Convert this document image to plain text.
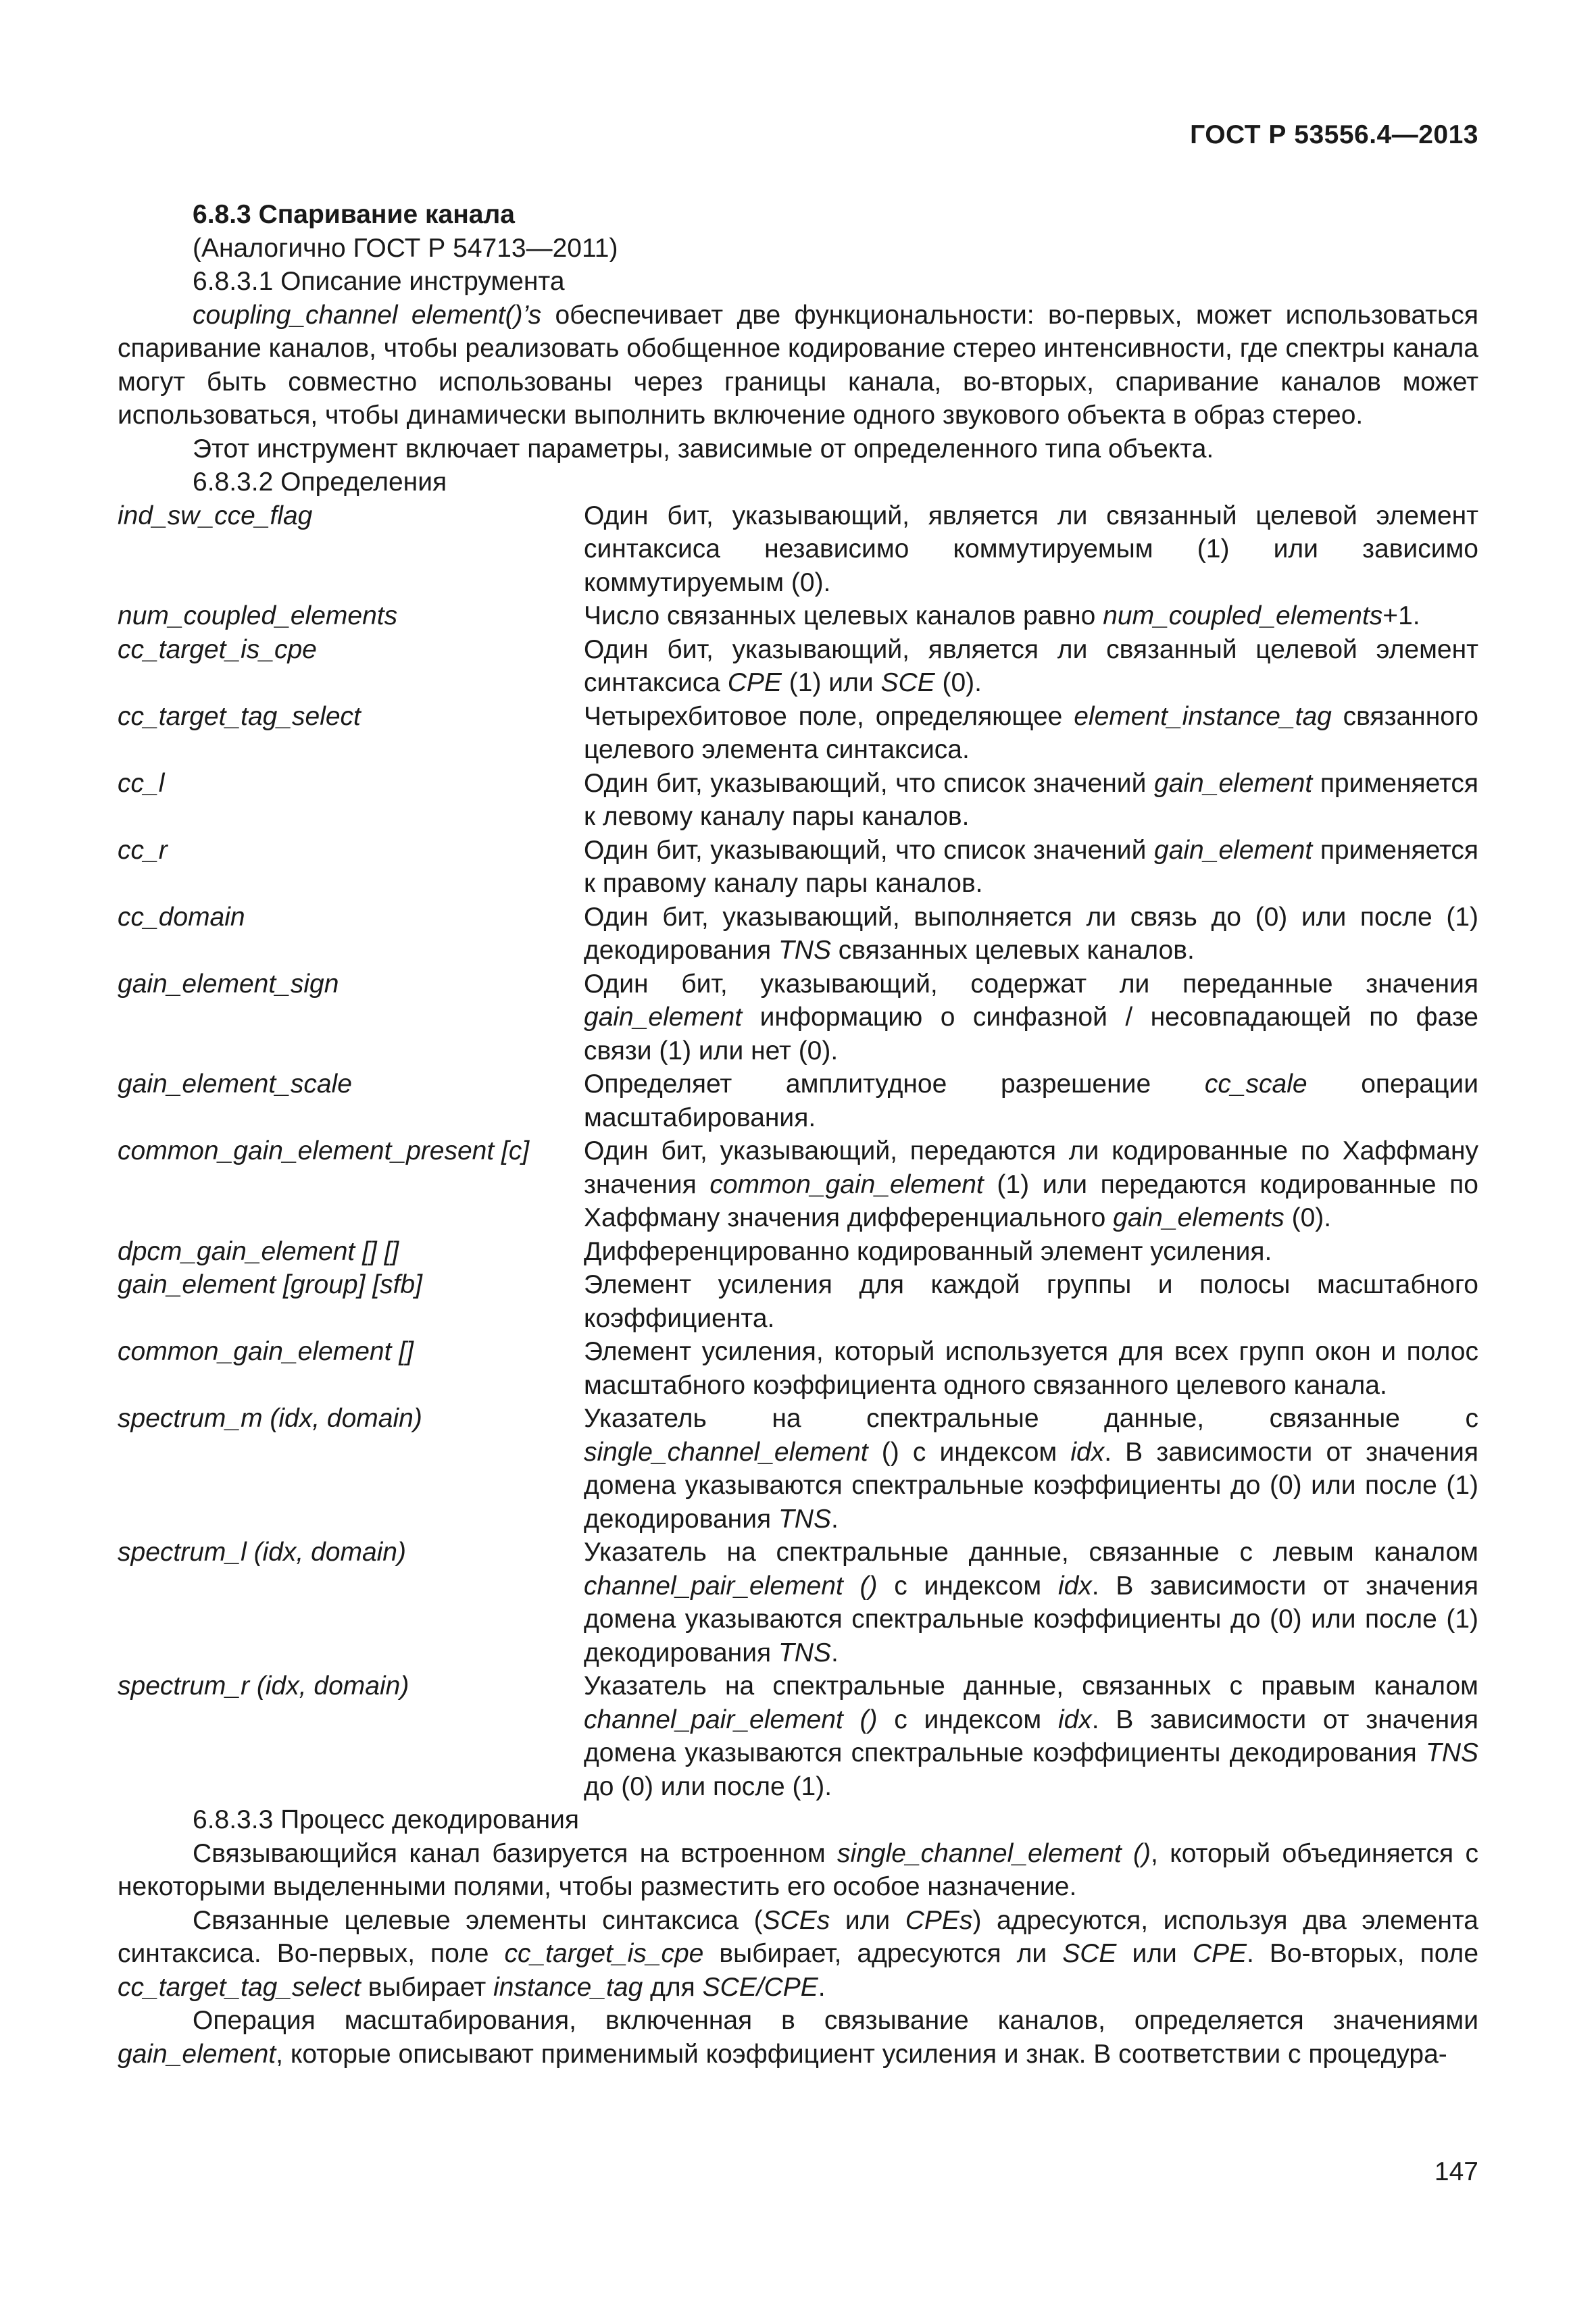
ГОСТ Р 53556.4—2013

6.8.3 Спаривание канала

(Аналогично ГОСТ Р 54713—2011)

6.8.3.1 Описание инструмента

coupling_channel element()’s обеспечивает две функциональности: во-первых, может использоваться спаривание каналов, чтобы реализовать обобщенное кодирование стерео интенсивности, где спектры канала могут быть совместно использованы через границы канала, во-вторых, спаривание каналов может использоваться, чтобы динамически выполнить включение одного звукового объекта в образ стерео.

Этот инструмент включает параметры, зависимые от определенного типа объекта.

6.8.3.2 Определения

ind_sw_cce_flag	Один бит, указывающий, является ли связанный целевой элемент синтаксиса независимо коммутируемым (1) или зависимо коммутируемым (0).
num_coupled_elements	Число связанных целевых каналов равно num_coupled_elements+1.
cc_target_is_cpe	Один бит, указывающий, является ли связанный целевой элемент синтаксиса CPE (1) или SCE (0).
cc_target_tag_select	Четырехбитовое поле, определяющее element_instance_tag связанного целевого элемента синтаксиса.
cc_l	Один бит, указывающий, что список значений gain_element применяется к левому каналу пары каналов.
cc_r	Один бит, указывающий, что список значений gain_element применяется к правому каналу пары каналов.
cc_domain	Один бит, указывающий, выполняется ли связь до (0) или после (1) декодирования TNS связанных целевых каналов.
gain_element_sign	Один бит, указывающий, содержат ли переданные значения gain_element информацию о синфазной / несовпадающей по фазе связи (1) или нет (0).
gain_element_scale	Определяет амплитудное разрешение cc_scale операции масштабирования.
common_gain_element_present [c]	Один бит, указывающий, передаются ли кодированные по Хаффману значения common_gain_element (1) или передаются кодированные по Хаффману значения дифференциального gain_elements (0).
dpcm_gain_element [] []	Дифференцированно кодированный элемент усиления.
gain_element [group] [sfb]	Элемент усиления для каждой группы и полосы масштабного коэффициента.
common_gain_element []	Элемент усиления, который используется для всех групп окон и полос масштабного коэффициента одного связанного целевого канала.
spectrum_m (idx, domain)	Указатель на спектральные данные, связанные с single_channel_element () с индексом idx. В зависимости от значения домена указываются спектральные коэффициенты до (0) или после (1) декодирования TNS.
spectrum_l (idx, domain)	Указатель на спектральные данные, связанные с левым каналом channel_pair_element () с индексом idx. В зависимости от значения домена указываются спектральные коэффициенты до (0) или после (1) декодирования TNS.
spectrum_r (idx, domain)	Указатель на спектральные данные, связанных с правым каналом channel_pair_element () с индексом idx. В зависимости от значения домена указываются спектральные коэффициенты декодирования TNS до (0) или после (1).

6.8.3.3 Процесс декодирования

Связывающийся канал базируется на встроенном single_channel_element (), который объединяется с некоторыми выделенными полями, чтобы разместить его особое назначение.

Связанные целевые элементы синтаксиса (SCEs или CPEs) адресуются, используя два элемента синтаксиса. Во-первых, поле cc_target_is_cpe выбирает, адресуются ли SCE или CPE. Во-вторых, поле cc_target_tag_select выбирает instance_tag для SCE/CPE.

Операция масштабирования, включенная в связывание каналов, определяется значениями gain_element, которые описывают применимый коэффициент усиления и знак. В соответствии с процедура-

147
